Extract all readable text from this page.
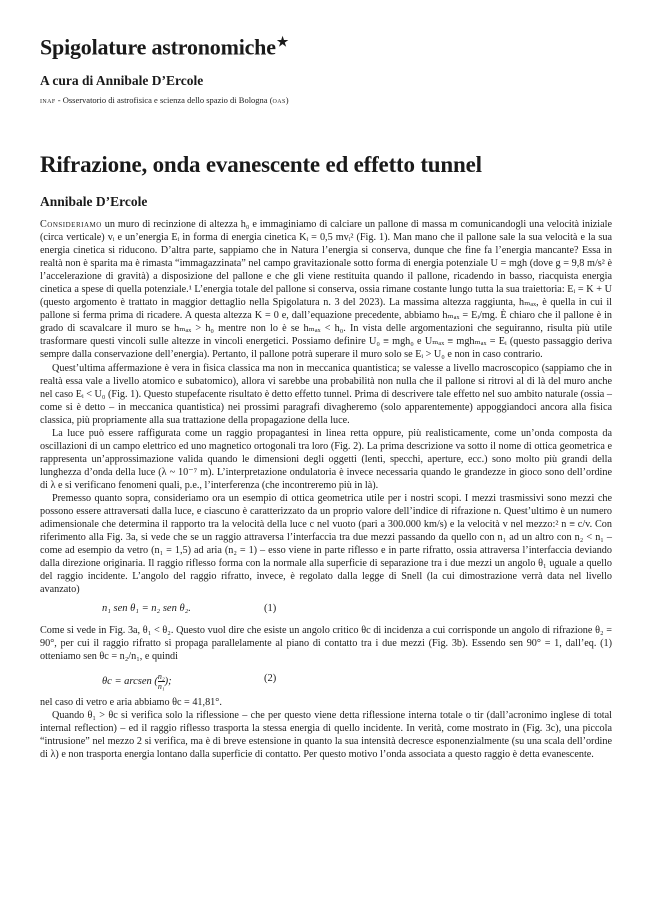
Spigolature astronomiche★
A cura di Annibale D’Ercole
inaf - Osservatorio di astrofisica e scienza dello spazio di Bologna (oas)
Rifrazione, onda evanescente ed effetto tunnel
Annibale D’Ercole

Consideriamo un muro di recinzione di altezza h₀ e immaginiamo di calciare un pallone di massa m comunicandogli una velocità iniziale (circa verticale) vᵢ e un’energia Eᵢ in forma di energia cinetica Kᵢ = 0,5 mvᵢ² (Fig. 1). Man mano che il pallone sale la sua velocità e la sua energia cinetica si riducono. D’altra parte, sappiamo che in Natura l’energia si conserva, dunque che fine fa l’energia mancante? Essa in realtà non è sparita ma è rimasta “immagazzinata” nel campo gravitazionale sotto forma di energia potenziale U = mgh (dove g = 9,8 m/s² è l’accelerazione di gravità) a disposizione del pallone e che gli viene restituita quando il pallone, ricadendo in basso, riacquista energia cinetica a spese di quella potenziale.¹ L’energia totale del pallone si conserva, ossia rimane costante lungo tutta la sua traiettoria: Eᵢ = K + U (questo argomento è trattato in maggior dettaglio nella Spigolatura n. 3 del 2023). La massima altezza raggiunta, hₘₐₓ, è quella in cui il pallone si ferma prima di ricadere. A questa altezza K = 0 e, dall’equazione precedente, abbiamo hₘₐₓ = Eᵢ/mg. È chiaro che il pallone è in grado di scavalcare il muro se hₘₐₓ > h₀ mentre non lo è se hₘₐₓ < h₀. In vista delle argomentazioni che seguiranno, risulta più utile trasformare questi vincoli sulle altezze in vincoli energetici. Possiamo definire U₀ ≡ mgh₀ e Uₘₐₓ ≡ mghₘₐₓ = Eᵢ (questo passaggio deriva sempre dalla conservazione dell’energia). Pertanto, il pallone potrà superare il muro solo se Eᵢ > U₀ e non in caso contrario.

Quest’ultima affermazione è vera in fisica classica ma non in meccanica quantistica; se valesse a livello macroscopico (sappiamo che in realtà essa vale a livello atomico e subatomico), allora vi sarebbe una probabilità non nulla che il pallone si ritrovi al di là del muro anche nel caso Eᵢ < U₀ (Fig. 1). Questo stupefacente risultato è detto effetto tunnel. Prima di descrivere tale effetto nel suo ambito naturale (ossia – come si è detto – in meccanica quantistica) nei prossimi paragrafi divagheremo (solo apparentemente) appoggiandoci ancora alla fisica classica, più propriamente alla sua trattazione della propagazione della luce.

La luce può essere raffigurata come un raggio propagantesi in linea retta oppure, più realisticamente, come un’onda composta da oscillazioni di un campo elettrico ed uno magnetico ortogonali tra loro (Fig. 2). La prima descrizione va sotto il nome di ottica geometrica e rappresenta un’approssimazione valida quando le dimensioni degli oggetti (lenti, specchi, aperture, ecc.) sono molto più grandi della lunghezza d’onda della luce (λ ~ 10⁻⁷ m). L’interpretazione ondulatoria è invece necessaria quando le grandezze in gioco sono dell’ordine di λ e si verificano fenomeni quali, p.e., l’interferenza (che incontreremo più in là).

Premesso quanto sopra, consideriamo ora un esempio di ottica geometrica utile per i nostri scopi. I mezzi trasmissivi sono mezzi che possono essere attraversati dalla luce, e ciascuno è caratterizzato da un proprio valore dell’indice di rifrazione n. Quest’ultimo è un numero adimensionale che determina il rapporto tra la velocità della luce c nel vuoto (pari a 300.000 km/s) e la velocità v nel mezzo:² n ≡ c/v. Con riferimento alla Fig. 3a, si vede che se un raggio attraversa l’interfaccia tra due mezzi passando da quello con n₁ ad un altro con n₂ < n₁ – come ad esempio da vetro (n₁ = 1,5) ad aria (n₂ = 1) – esso viene in parte riflesso e in parte rifratto, ossia attraversa l’interfaccia deviando dalla direzione originaria. Il raggio riflesso forma con la normale alla superficie di separazione tra i due mezzi un angolo θ₁ uguale a quello del raggio incidente. L’angolo del raggio rifratto, invece, è regolato dalla legge di Snell (la cui dimostrazione verrà data nel livello avanzato)

n₁ sen θ₁ = n₂ sen θ₂.	(1)

Come si vede in Fig. 3a, θ₁ < θ₂. Questo vuol dire che esiste un angolo critico θc di incidenza a cui corrisponde un angolo di rifrazione θ₂ = 90°, per cui il raggio rifratto si propaga parallelamente al piano di contatto tra i due mezzi (Fig. 3b). Essendo sen 90° = 1, dall’eq. (1) otteniamo sen θc = n₂/n₁, e quindi

θc = arcsen ( $\frac{\text{n₂}}{\text{n₁}}$ );	(2)

nel caso di vetro e aria abbiamo θc = 41,81°.

Quando θ₁ > θc si verifica solo la riflessione – che per questo viene detta riflessione interna totale o tir (dall’acronimo inglese di total internal reflection) – ed il raggio riflesso trasporta la stessa energia di quello incidente. In verità, come mostrato in (Fig. 3c), una piccola “intrusione” nel mezzo 2 si verifica, ma è di breve estensione in quanto la sua intensità decresce esponenzialmente (su una scala dell’ordine di λ) e non trasporta energia lontano dalla superficie di contatto. Per questo motivo l’onda associata a questo raggio è detta evanescente.
